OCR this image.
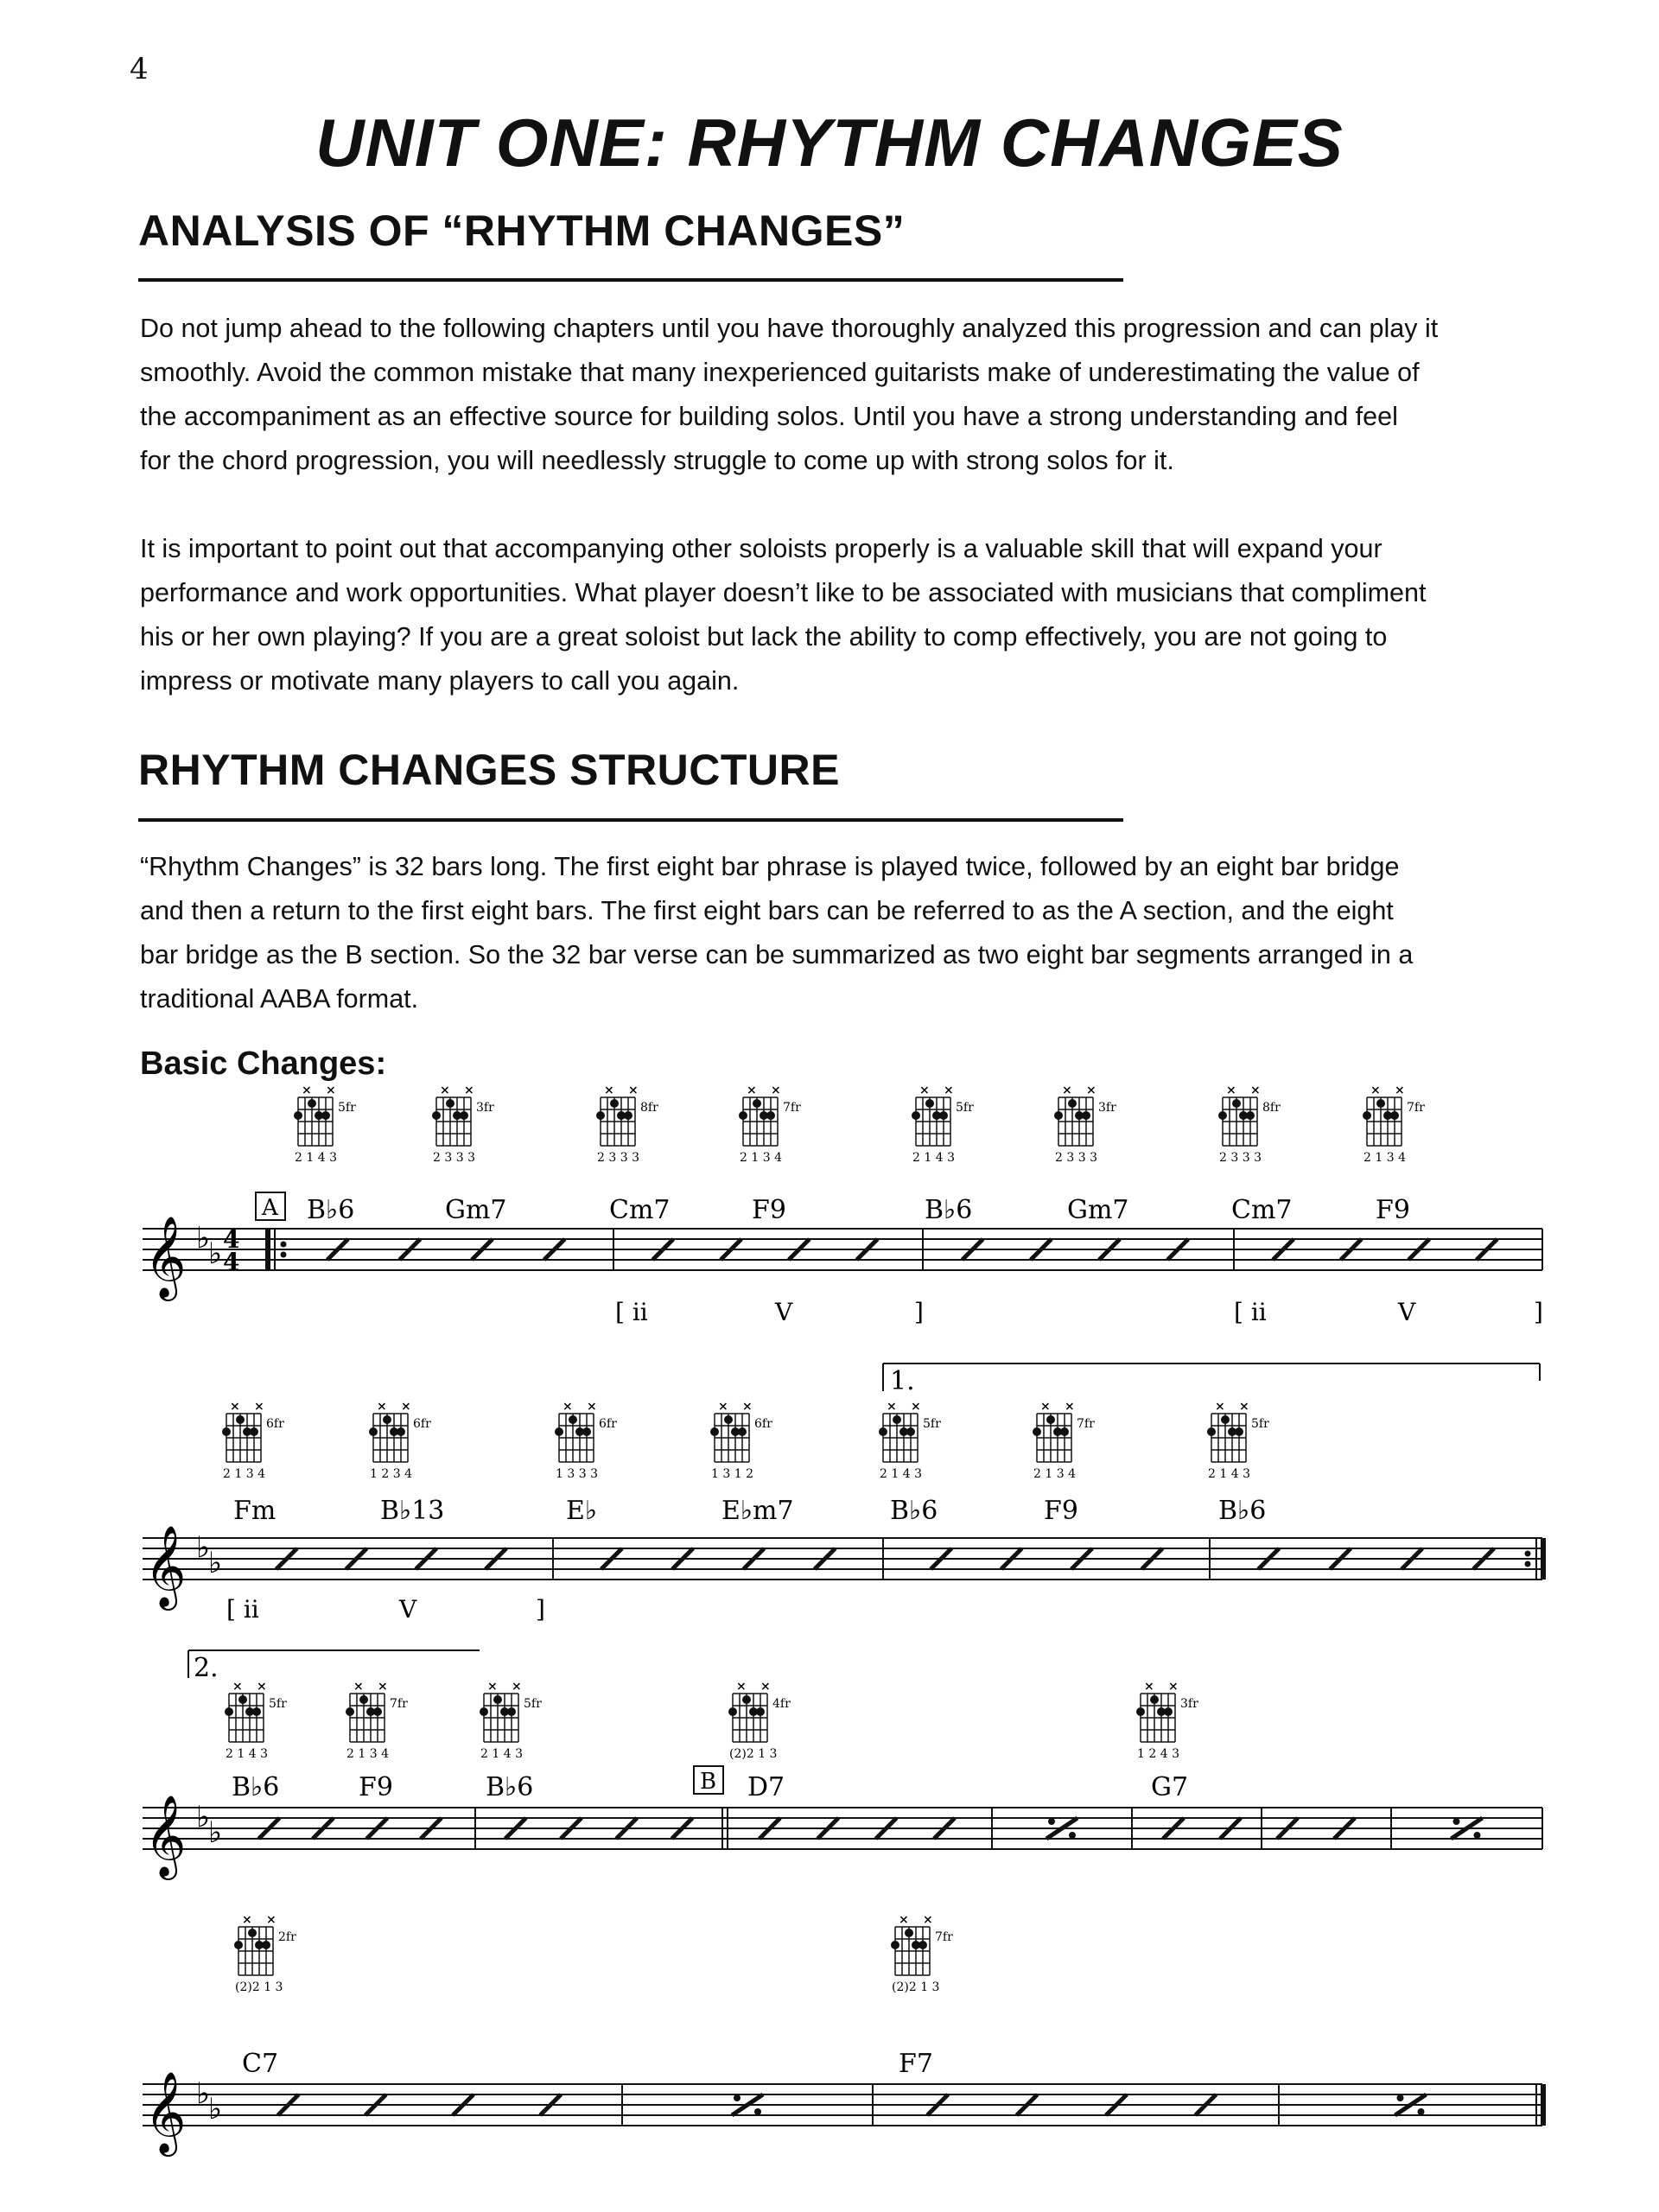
4
UNIT ONE: RHYTHM CHANGES
ANALYSIS OF “RHYTHM CHANGES”
Do not jump ahead to the following chapters until you have thoroughly analyzed this progression and can play it
smoothly. Avoid the common mistake that many inexperienced guitarists make of underestimating the value of
the accompaniment as an effective source for building solos. Until you have a strong understanding and feel
for the chord progression, you will needlessly struggle to come up with strong solos for it.
It is important to point out that accompanying other soloists properly is a valuable skill that will expand your
performance and work opportunities. What player doesn’t like to be associated with musicians that compliment
his or her own playing? If you are a great soloist but lack the ability to comp effectively, you are not going to
impress or motivate many players to call you again.
RHYTHM CHANGES STRUCTURE
“Rhythm Changes” is 32 bars long. The first eight bar phrase is played twice, followed by an eight bar bridge
and then a return to the first eight bars. The first eight bars can be referred to as the A section, and the eight
bar bridge as the B section. So the 32 bar verse can be summarized as two eight bar segments arranged in a
traditional AABA format.
Basic Changes:
𝄞 ♭
♭ 4
4
A
× ×
5fr
2 1 4 3
B♭6
× ×
3fr
2 3 3 3
Gm7
× ×
8fr
2 3 3 3
Cm7
× ×
7fr
2 1 3 4
F9
× ×
5fr
2 1 4 3
B♭6
× ×
3fr
2 3 3 3
Gm7
× ×
8fr
2 3 3 3
Cm7
× ×
7fr
2 1 3 4
F9
[ ii	V	]	[ ii	V	]
𝄞 ♭
♭
1.
× ×
6fr
2 1 3 4
Fm
× ×
6fr
1 2 3 4
B♭13
× ×
6fr
1 3 3 3
E♭
× ×
6fr
1 3 1 2
E♭m7
× ×
5fr
2 1 4 3
B♭6
× ×
7fr
2 1 3 4
F9
× ×
5fr
2 1 4 3
B♭6
[ ii	V	]
𝄞 ♭
♭
2.
B
× ×
5fr
2 1 4 3
B♭6
× ×
7fr
2 1 3 4
F9
× ×
5fr
2 1 4 3
B♭6
× ×
4fr
(2)2 1 3
D7
× ×
3fr
1 2 4 3
G7
𝄞 ♭
♭
× ×
2fr
(2)2 1 3
C7
× ×
7fr
(2)2 1 3
F7
